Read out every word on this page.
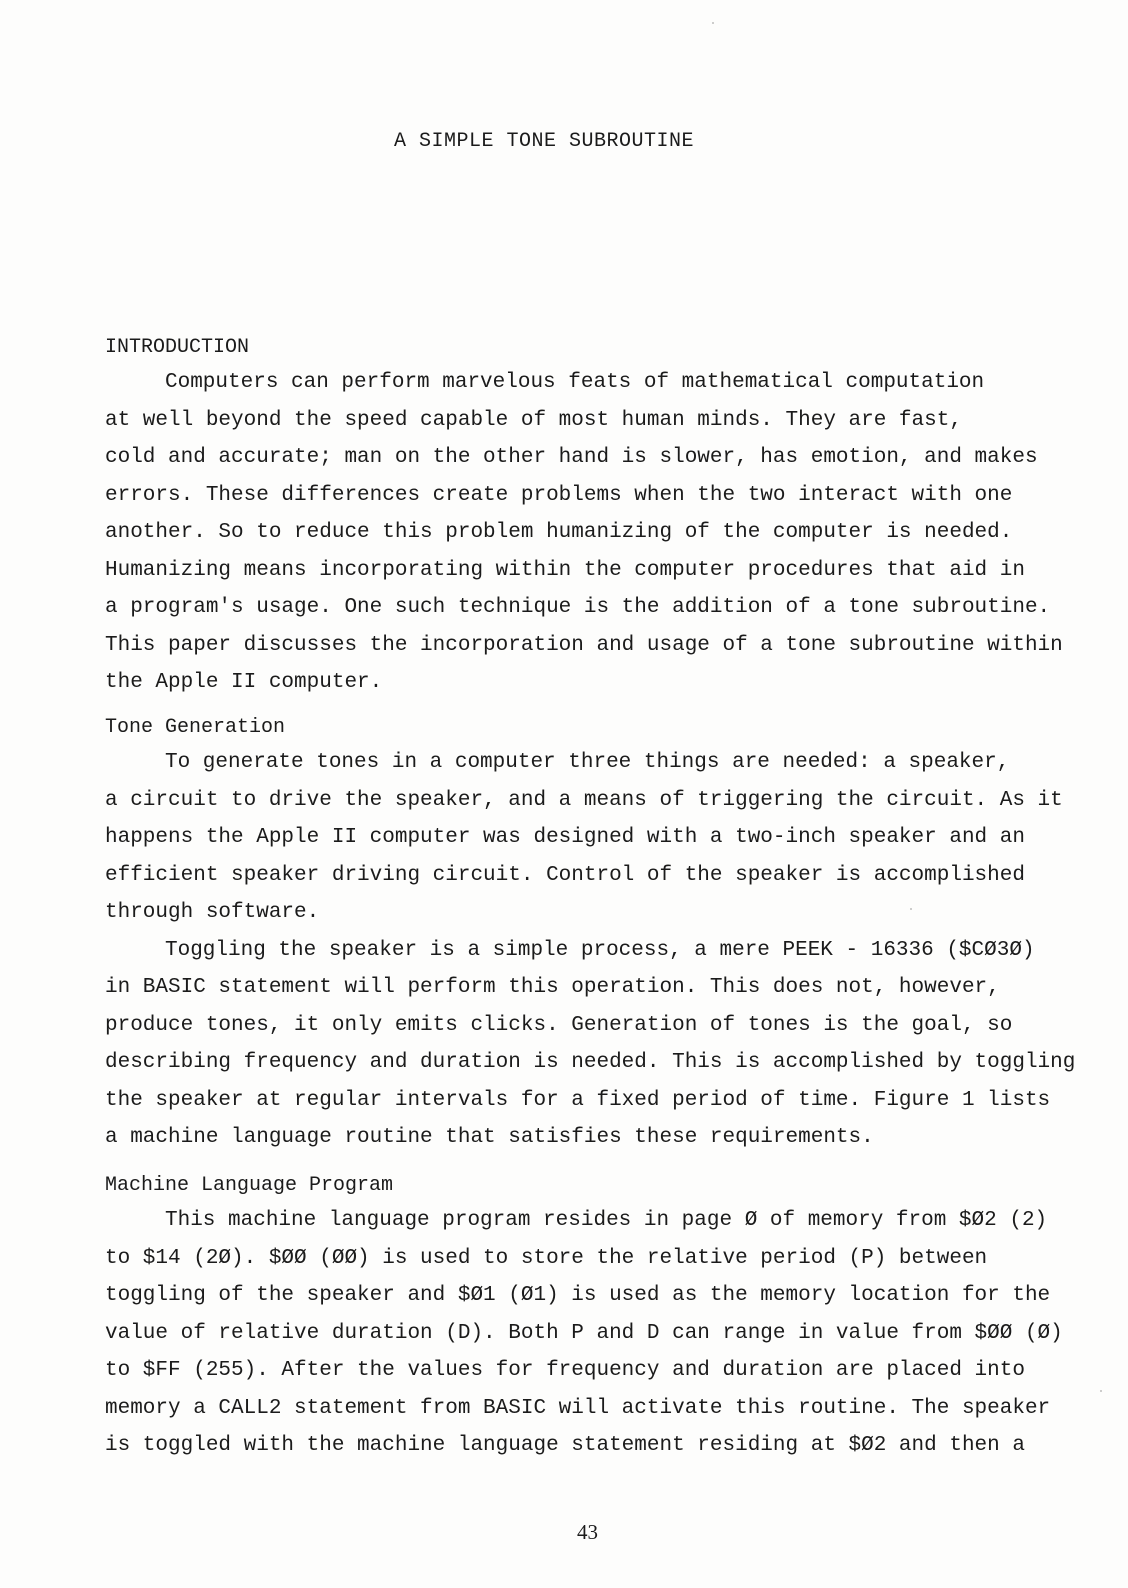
A SIMPLE TONE SUBROUTINE
INTRODUCTION
Computers can perform marvelous feats of mathematical computation
at well beyond the speed capable of most human minds. They are fast,
cold and accurate; man on the other hand is slower, has emotion, and makes
errors. These differences create problems when the two interact with one
another. So to reduce this problem humanizing of the computer is needed.
Humanizing means incorporating within the computer procedures that aid in
a program's usage. One such technique is the addition of a tone subroutine.
This paper discusses the incorporation and usage of a tone subroutine within
the Apple II computer.
Tone Generation
To generate tones in a computer three things are needed: a speaker,
a circuit to drive the speaker, and a means of triggering the circuit. As it
happens the Apple II computer was designed with a two-inch speaker and an
efficient speaker driving circuit. Control of the speaker is accomplished
through software.
Toggling the speaker is a simple process, a mere PEEK - 16336 ($CØ3Ø)
in BASIC statement will perform this operation. This does not, however,
produce tones, it only emits clicks. Generation of tones is the goal, so
describing frequency and duration is needed. This is accomplished by toggling
the speaker at regular intervals for a fixed period of time. Figure 1 lists
a machine language routine that satisfies these requirements.
Machine Language Program
This machine language program resides in page Ø of memory from $Ø2 (2)
to $14 (2Ø). $ØØ (ØØ) is used to store the relative period (P) between
toggling of the speaker and $Ø1 (Ø1) is used as the memory location for the
value of relative duration (D). Both P and D can range in value from $ØØ (Ø)
to $FF (255). After the values for frequency and duration are placed into
memory a CALL2 statement from BASIC will activate this routine. The speaker
is toggled with the machine language statement residing at $Ø2 and then a
43
